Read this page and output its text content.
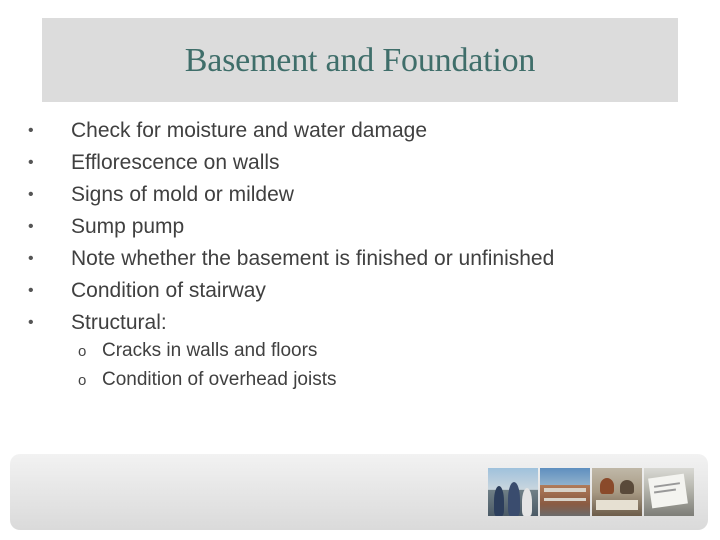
Basement and Foundation
• Check for moisture and water damage
• Efflorescence on walls
• Signs of mold or mildew
• Sump pump
• Note whether the basement is finished or unfinished
• Condition of stairway
• Structural:
o Cracks in walls and floors
o Condition of overhead joists
